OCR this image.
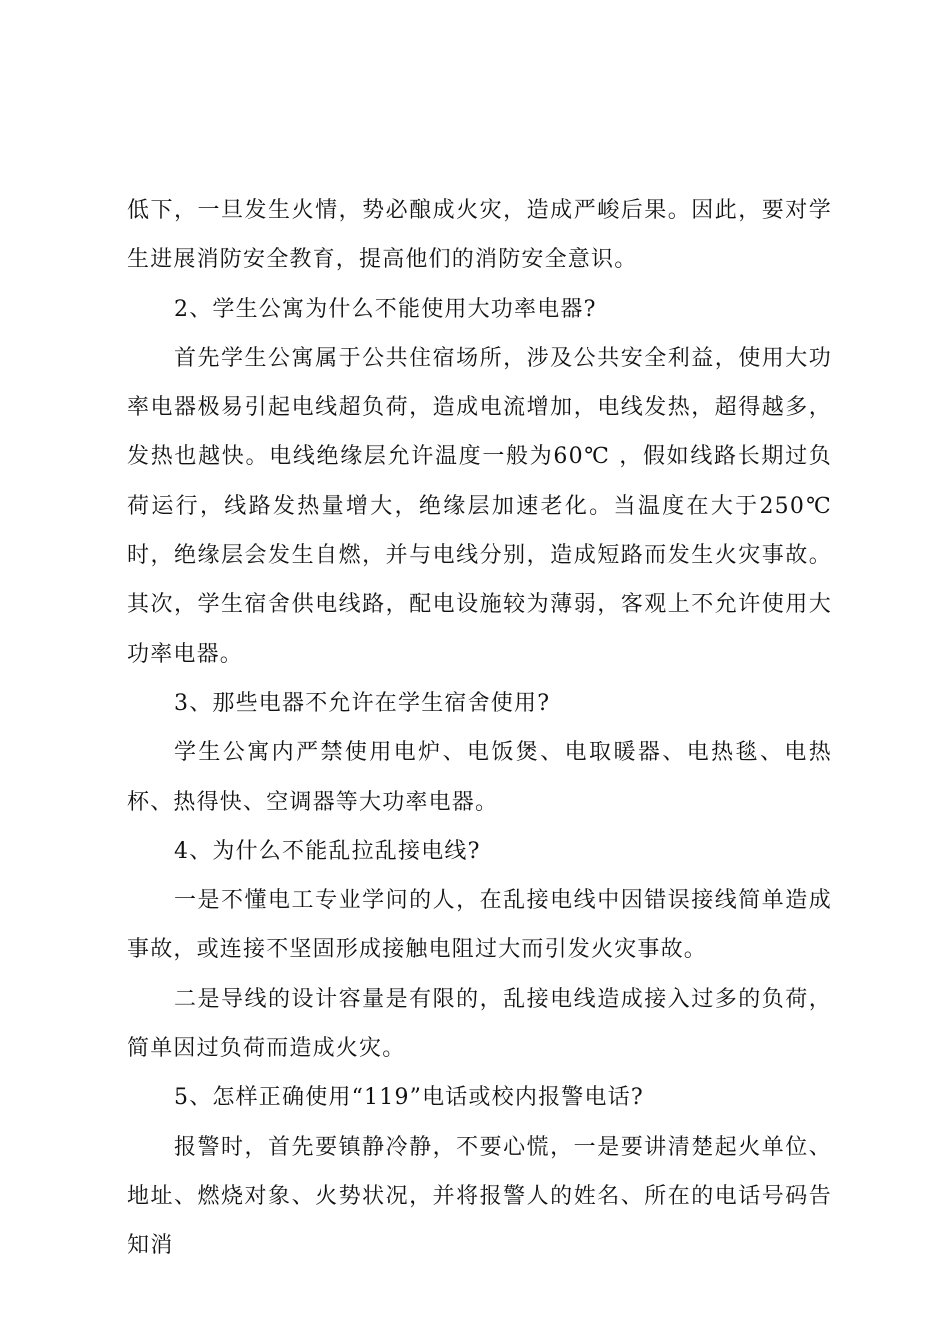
低下，一旦发生火情，势必酿成火灾，造成严峻后果。因此，要对学生进展消防安全教育，提高他们的消防安全意识。

2、学生公寓为什么不能使用大功率电器?

首先学生公寓属于公共住宿场所，涉及公共安全利益，使用大功率电器极易引起电线超负荷，造成电流增加，电线发热，超得越多，发热也越快。电线绝缘层允许温度一般为60℃ ，假如线路长期过负荷运行，线路发热量增大，绝缘层加速老化。当温度在大于250℃时，绝缘层会发生自燃，并与电线分别，造成短路而发生火灾事故。其次，学生宿舍供电线路，配电设施较为薄弱，客观上不允许使用大功率电器。

3、那些电器不允许在学生宿舍使用?

学生公寓内严禁使用电炉、电饭煲、电取暖器、电热毯、电热杯、热得快、空调器等大功率电器。

4、为什么不能乱拉乱接电线?

一是不懂电工专业学问的人，在乱接电线中因错误接线简单造成事故，或连接不坚固形成接触电阻过大而引发火灾事故。

二是导线的设计容量是有限的，乱接电线造成接入过多的负荷，简单因过负荷而造成火灾。

5、怎样正确使用“119”电话或校内报警电话?

报警时，首先要镇静冷静，不要心慌，一是要讲清楚起火单位、地址、燃烧对象、火势状况，并将报警人的姓名、所在的电话号码告知消
